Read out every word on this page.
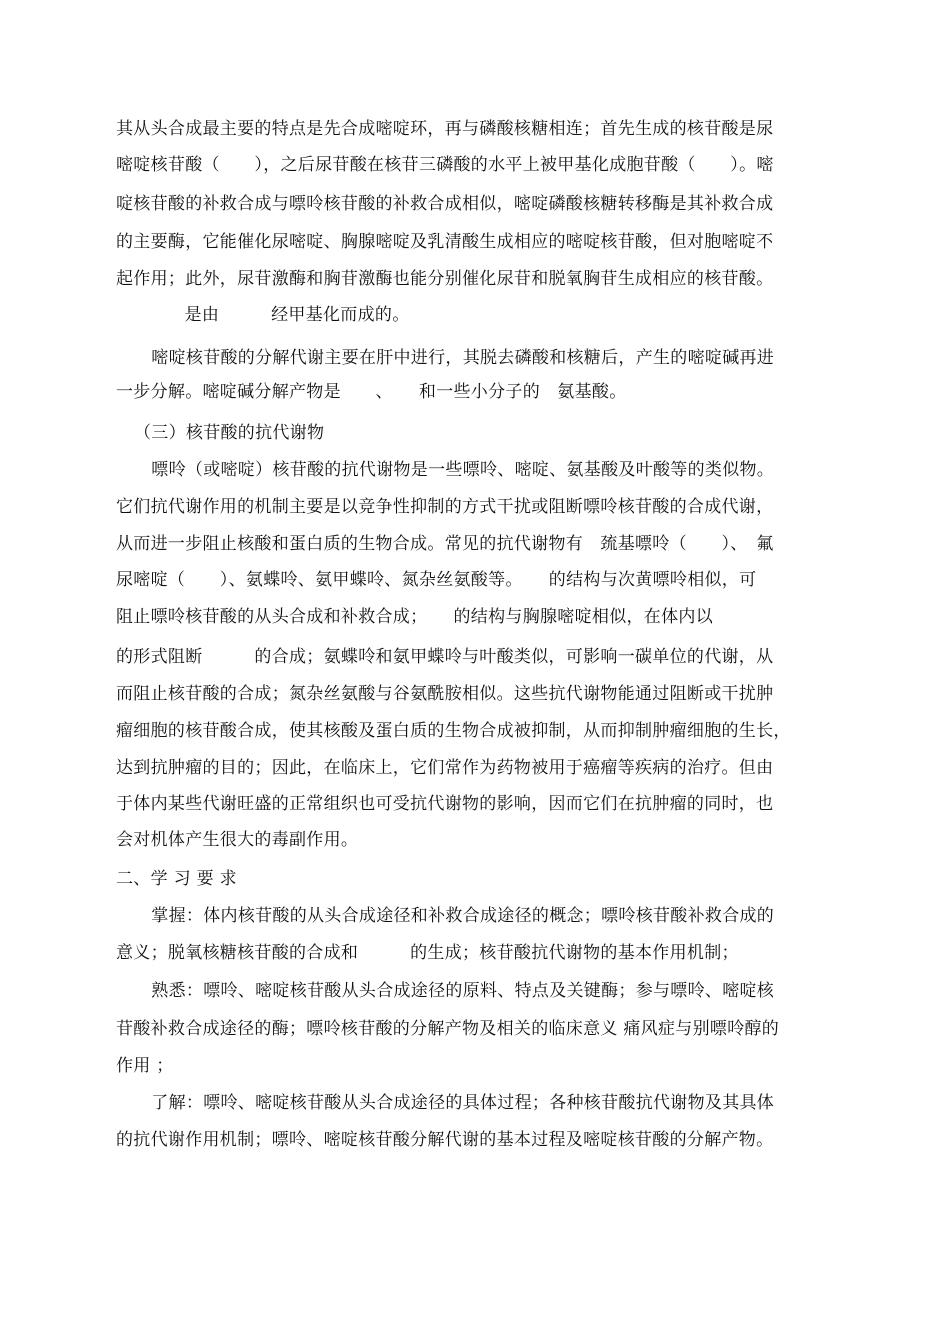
其从头合成最主要的特点是先合成嘧啶环，再与磷酸核糖相连；首先生成的核苷酸是尿
嘧啶核苷酸（　　），之后尿苷酸在核苷三磷酸的水平上被甲基化成胞苷酸（　　）。嘧
啶核苷酸的补救合成与嘌呤核苷酸的补救合成相似，嘧啶磷酸核糖转移酶是其补救合成
的主要酶，它能催化尿嘧啶、胸腺嘧啶及乳清酸生成相应的嘧啶核苷酸，但对胞嘧啶不
起作用；此外，尿苷激酶和胸苷激酶也能分别催化尿苷和脱氧胸苷生成相应的核苷酸。
　　是由　　　经甲基化而成的。
　嘧啶核苷酸的分解代谢主要在肝中进行，其脱去磷酸和核糖后，产生的嘧啶碱再进
一步分解。嘧啶碱分解产物是　　、　　和一些小分子的　氨基酸。
（三）核苷酸的抗代谢物
　嘌呤（或嘧啶）核苷酸的抗代谢物是一些嘌呤、嘧啶、氨基酸及叶酸等的类似物。
它们抗代谢作用的机制主要是以竞争性抑制的方式干扰或阻断嘌呤核苷酸的合成代谢，
从而进一步阻止核酸和蛋白质的生物合成。常见的抗代谢物有　巯基嘌呤（　　）、　氟
尿嘧啶（　　）、氨蝶呤、氨甲蝶呤、氮杂丝氨酸等。　　的结构与次黄嘌呤相似，可
阻止嘌呤核苷酸的从头合成和补救合成；　　的结构与胸腺嘧啶相似，在体内以
的形式阻断　　　的合成；氨蝶呤和氨甲蝶呤与叶酸类似，可影响一碳单位的代谢，从
而阻止核苷酸的合成；氮杂丝氨酸与谷氨酰胺相似。这些抗代谢物能通过阻断或干扰肿
瘤细胞的核苷酸合成，使其核酸及蛋白质的生物合成被抑制，从而抑制肿瘤细胞的生长，
达到抗肿瘤的目的；因此，在临床上，它们常作为药物被用于癌瘤等疾病的治疗。但由
于体内某些代谢旺盛的正常组织也可受抗代谢物的影响，因而它们在抗肿瘤的同时，也
会对机体产生很大的毒副作用。
二、学 习 要 求
　掌握：体内核苷酸的从头合成途径和补救合成途径的概念；嘌呤核苷酸补救合成的
意义；脱氧核糖核苷酸的合成和　　　的生成；核苷酸抗代谢物的基本作用机制；
　熟悉：嘌呤、嘧啶核苷酸从头合成途径的原料、特点及关键酶；参与嘌呤、嘧啶核
苷酸补救合成途径的酶；嘌呤核苷酸的分解产物及相关的临床意义 痛风症与别嘌呤醇的
作用 ；
　了解：嘌呤、嘧啶核苷酸从头合成途径的具体过程；各种核苷酸抗代谢物及其具体
的抗代谢作用机制；嘌呤、嘧啶核苷酸分解代谢的基本过程及嘧啶核苷酸的分解产物。
